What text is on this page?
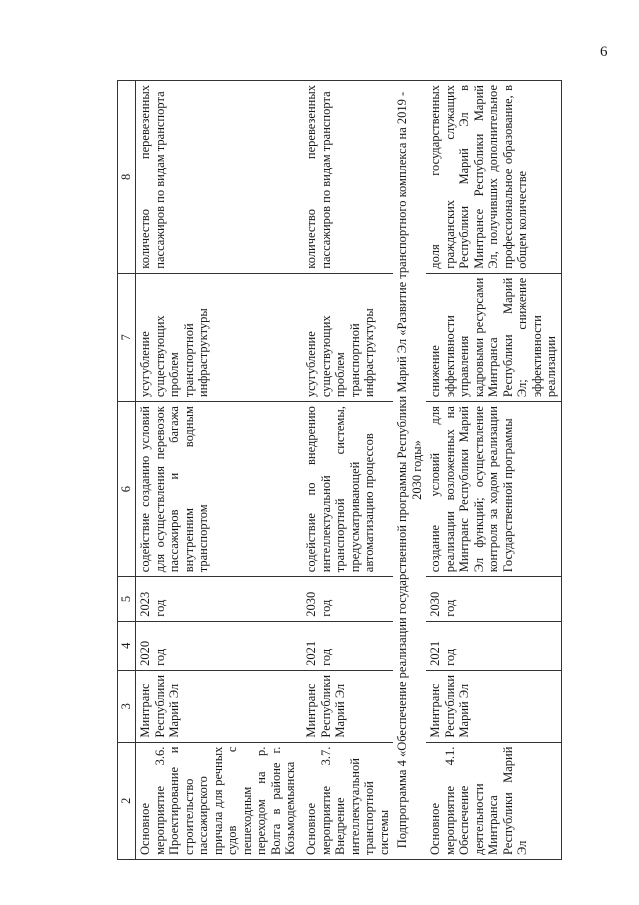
6
2	3	4	5	6	7	8
Основное мероприятие 3.6. Проектирование и строительство пассажирского причала для речных судов с пешеходным переходом на р. Волга в районе г. Козьмодемьянска	Минтранс Республики Марий Эл	2020 год	2023 год	содействие созданию условий для осуществления перевозок пассажиров и багажа внутренним водным транспортом	усугубление существующих проблем транспортной инфраструктуры	количество перевезенных пассажиров по видам транспорта
Основное мероприятие 3.7. Внедрение интеллектуальной транспортной системы	Минтранс Республики Марий Эл	2021 год	2030 год	содействие по внедрению интеллектуальной транспортной системы, предусматривающей автоматизацию процессов	усугубление существующих проблем транспортной инфраструктуры	количество перевезенных пассажиров по видам транспорта
Подпрограмма 4 «Обеспечение реализации государственной программы Республики Марий Эл «Развитие транспортного комплекса на 2019 - 2030 годы»						
Основное мероприятие 4.1. Обеспечение деятельности Минтранса Республики Марий Эл	Минтранс Республики Марий Эл	2021 год	2030 год	создание условий для реализации возложенных на Минтранс Республики Марий Эл функций; осуществление контроля за ходом реализации Государственной программы	снижение эффективности управления кадровыми ресурсами Минтранса Республики Марий Эл; снижение эффективности реализации	доля государственных гражданских служащих Республики Марий Эл в Минтрансе Республики Марий Эл, получивших дополнительное профессиональное образование, в общем количестве
